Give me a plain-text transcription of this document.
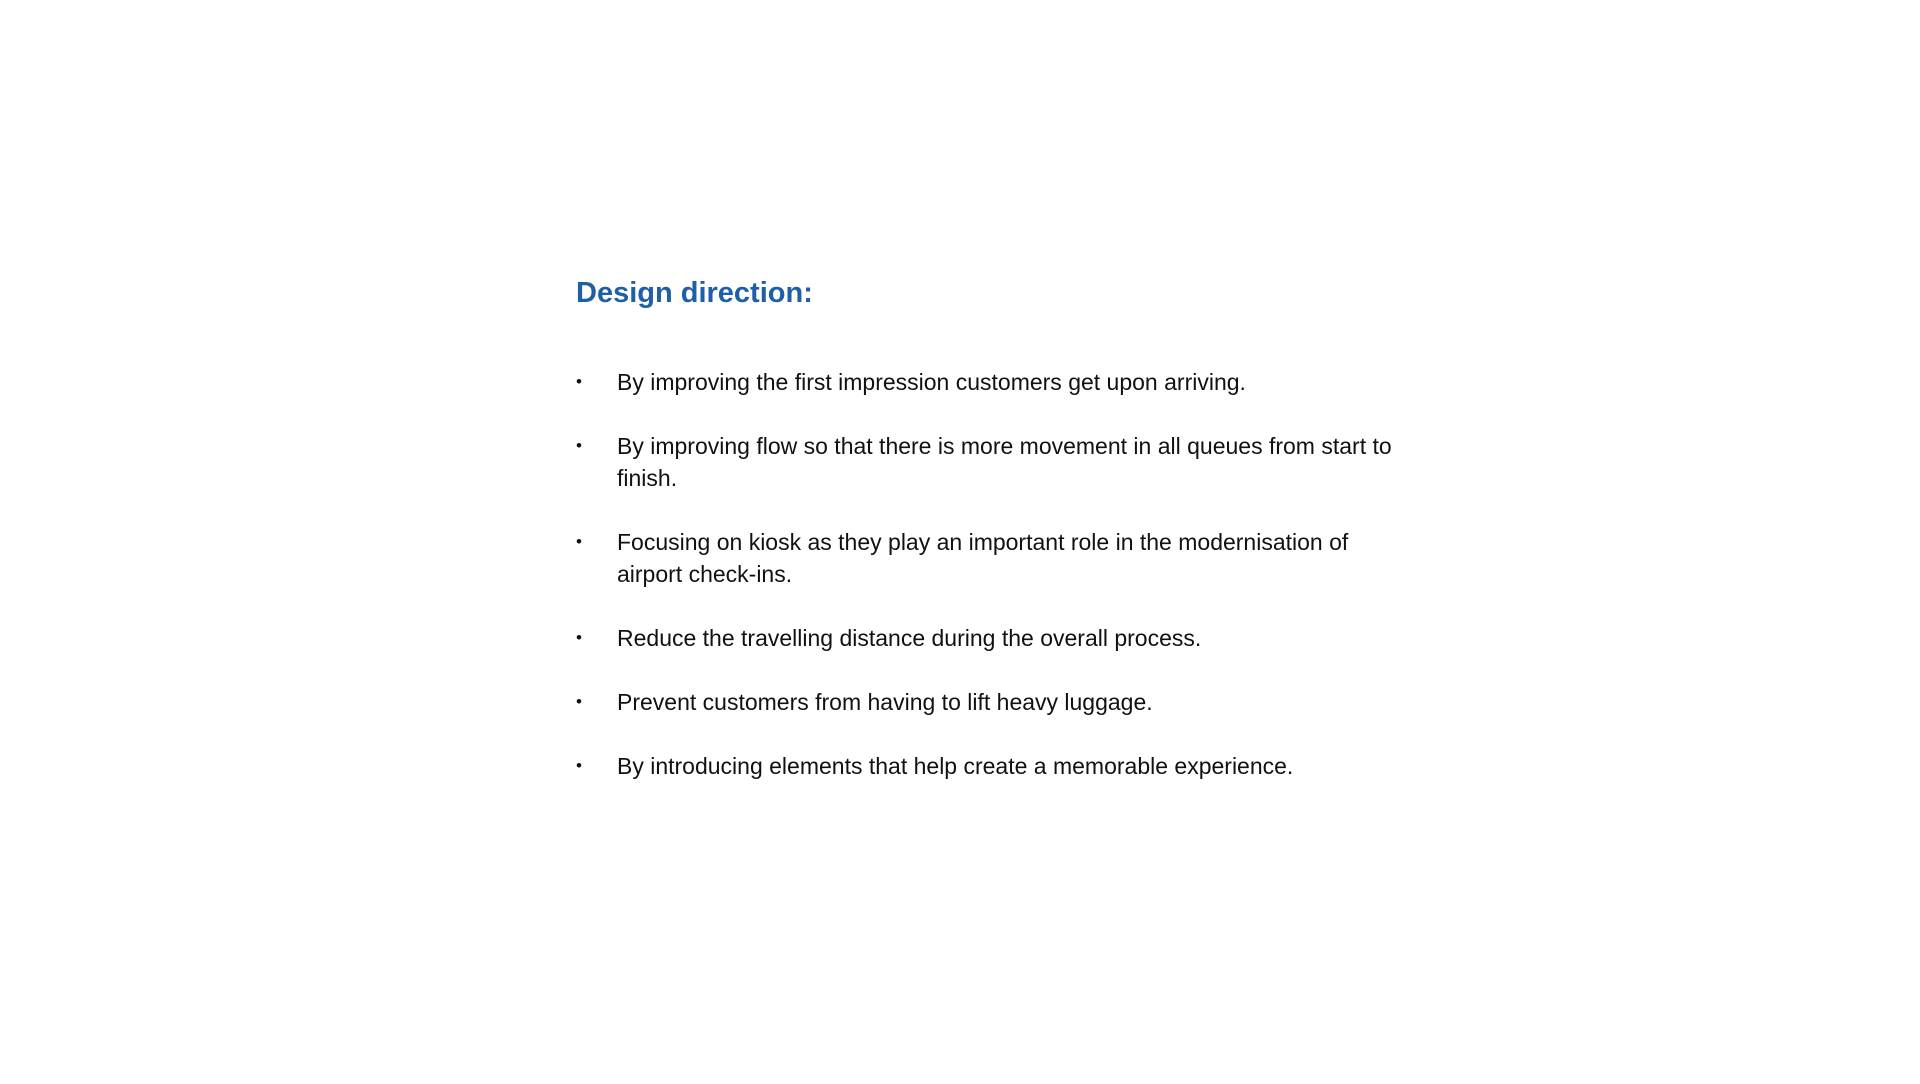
Design direction:
• By improving the first impression customers get upon arriving.
• By improving flow so that there is more movement in all queues from start to finish.
• Focusing on kiosk as they play an important role in the modernisation of airport check-ins.
• Reduce the travelling distance during the overall process.
• Prevent customers from having to lift heavy luggage.
• By introducing elements that help create a memorable experience.
